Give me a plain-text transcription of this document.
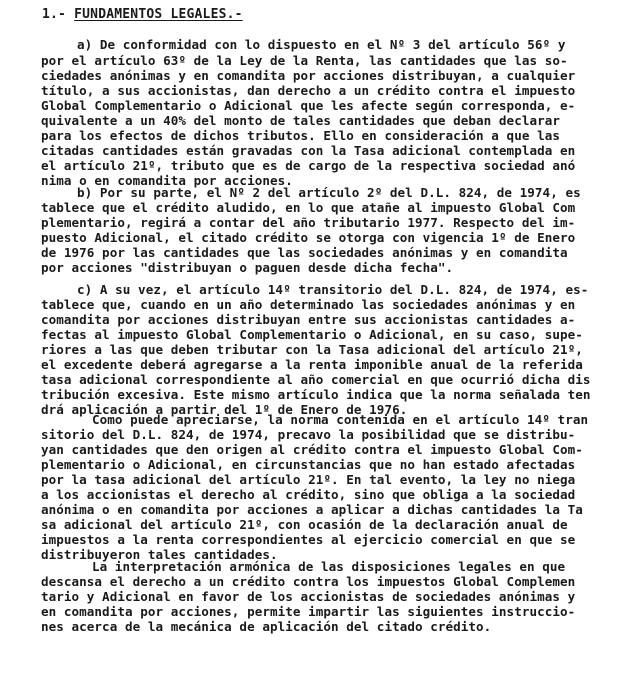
1.- FUNDAMENTOS LEGALES.-
a) De conformidad con lo dispuesto en el Nº 3 del artículo 56º y
por el artículo 63º de la Ley de la Renta, las cantidades que las so-
ciedades anónimas y en comandita por acciones distribuyan, a cualquier
título, a sus accionistas, dan derecho a un crédito contra el impuesto
Global Complementario o Adicional que les afecte según corresponda, e-
quivalente a un 40% del monto de tales cantidades que deban declarar
para los efectos de dichos tributos. Ello en consideración a que las
citadas cantidades están gravadas con la Tasa adicional contemplada en
el artículo 21º, tributo que es de cargo de la respectiva sociedad anó
nima o en comandita por acciones.
b) Por su parte, el Nº 2 del artículo 2º del D.L. 824, de 1974, es
tablece que el crédito aludido, en lo que atañe al impuesto Global Com
plementario, regirá a contar del año tributario 1977. Respecto del im-
puesto Adicional, el citado crédito se otorga con vigencia 1º de Enero
de 1976 por las cantidades que las sociedades anónimas y en comandita
por acciones "distribuyan o paguen desde dicha fecha".
c) A su vez, el artículo 14º transitorio del D.L. 824, de 1974, es-
tablece que, cuando en un año determinado las sociedades anónimas y en
comandita por acciones distribuyan entre sus accionistas cantidades a-
fectas al impuesto Global Complementario o Adicional, en su caso, supe-
riores a las que deben tributar con la Tasa adicional del artículo 21º,
el excedente deberá agregarse a la renta imponible anual de la referida
tasa adicional correspondiente al año comercial en que ocurrió dicha dis
tribución excesiva. Este mismo artículo indica que la norma señalada ten
drá aplicación a partir del 1º de Enero de 1976.
Como puede apreciarse, la norma contenida en el artículo 14º tran
sitorio del D.L. 824, de 1974, precavo la posibilidad que se distribu-
yan cantidades que den origen al crédito contra el impuesto Global Com-
plementario o Adicional, en circunstancias que no han estado afectadas
por la tasa adicional del artículo 21º. En tal evento, la ley no niega
a los accionistas el derecho al crédito, sino que obliga a la sociedad
anónima o en comandita por acciones a aplicar a dichas cantidades la Ta
sa adicional del artículo 21º, con ocasión de la declaración anual de
impuestos a la renta correspondientes al ejercicio comercial en que se
distribuyeron tales cantidades.
La interpretación armónica de las disposiciones legales en que
descansa el derecho a un crédito contra los impuestos Global Complemen
tario y Adicional en favor de los accionistas de sociedades anónimas y
en comandita por acciones, permite impartir las siguientes instruccio-
nes acerca de la mecánica de aplicación del citado crédito.
